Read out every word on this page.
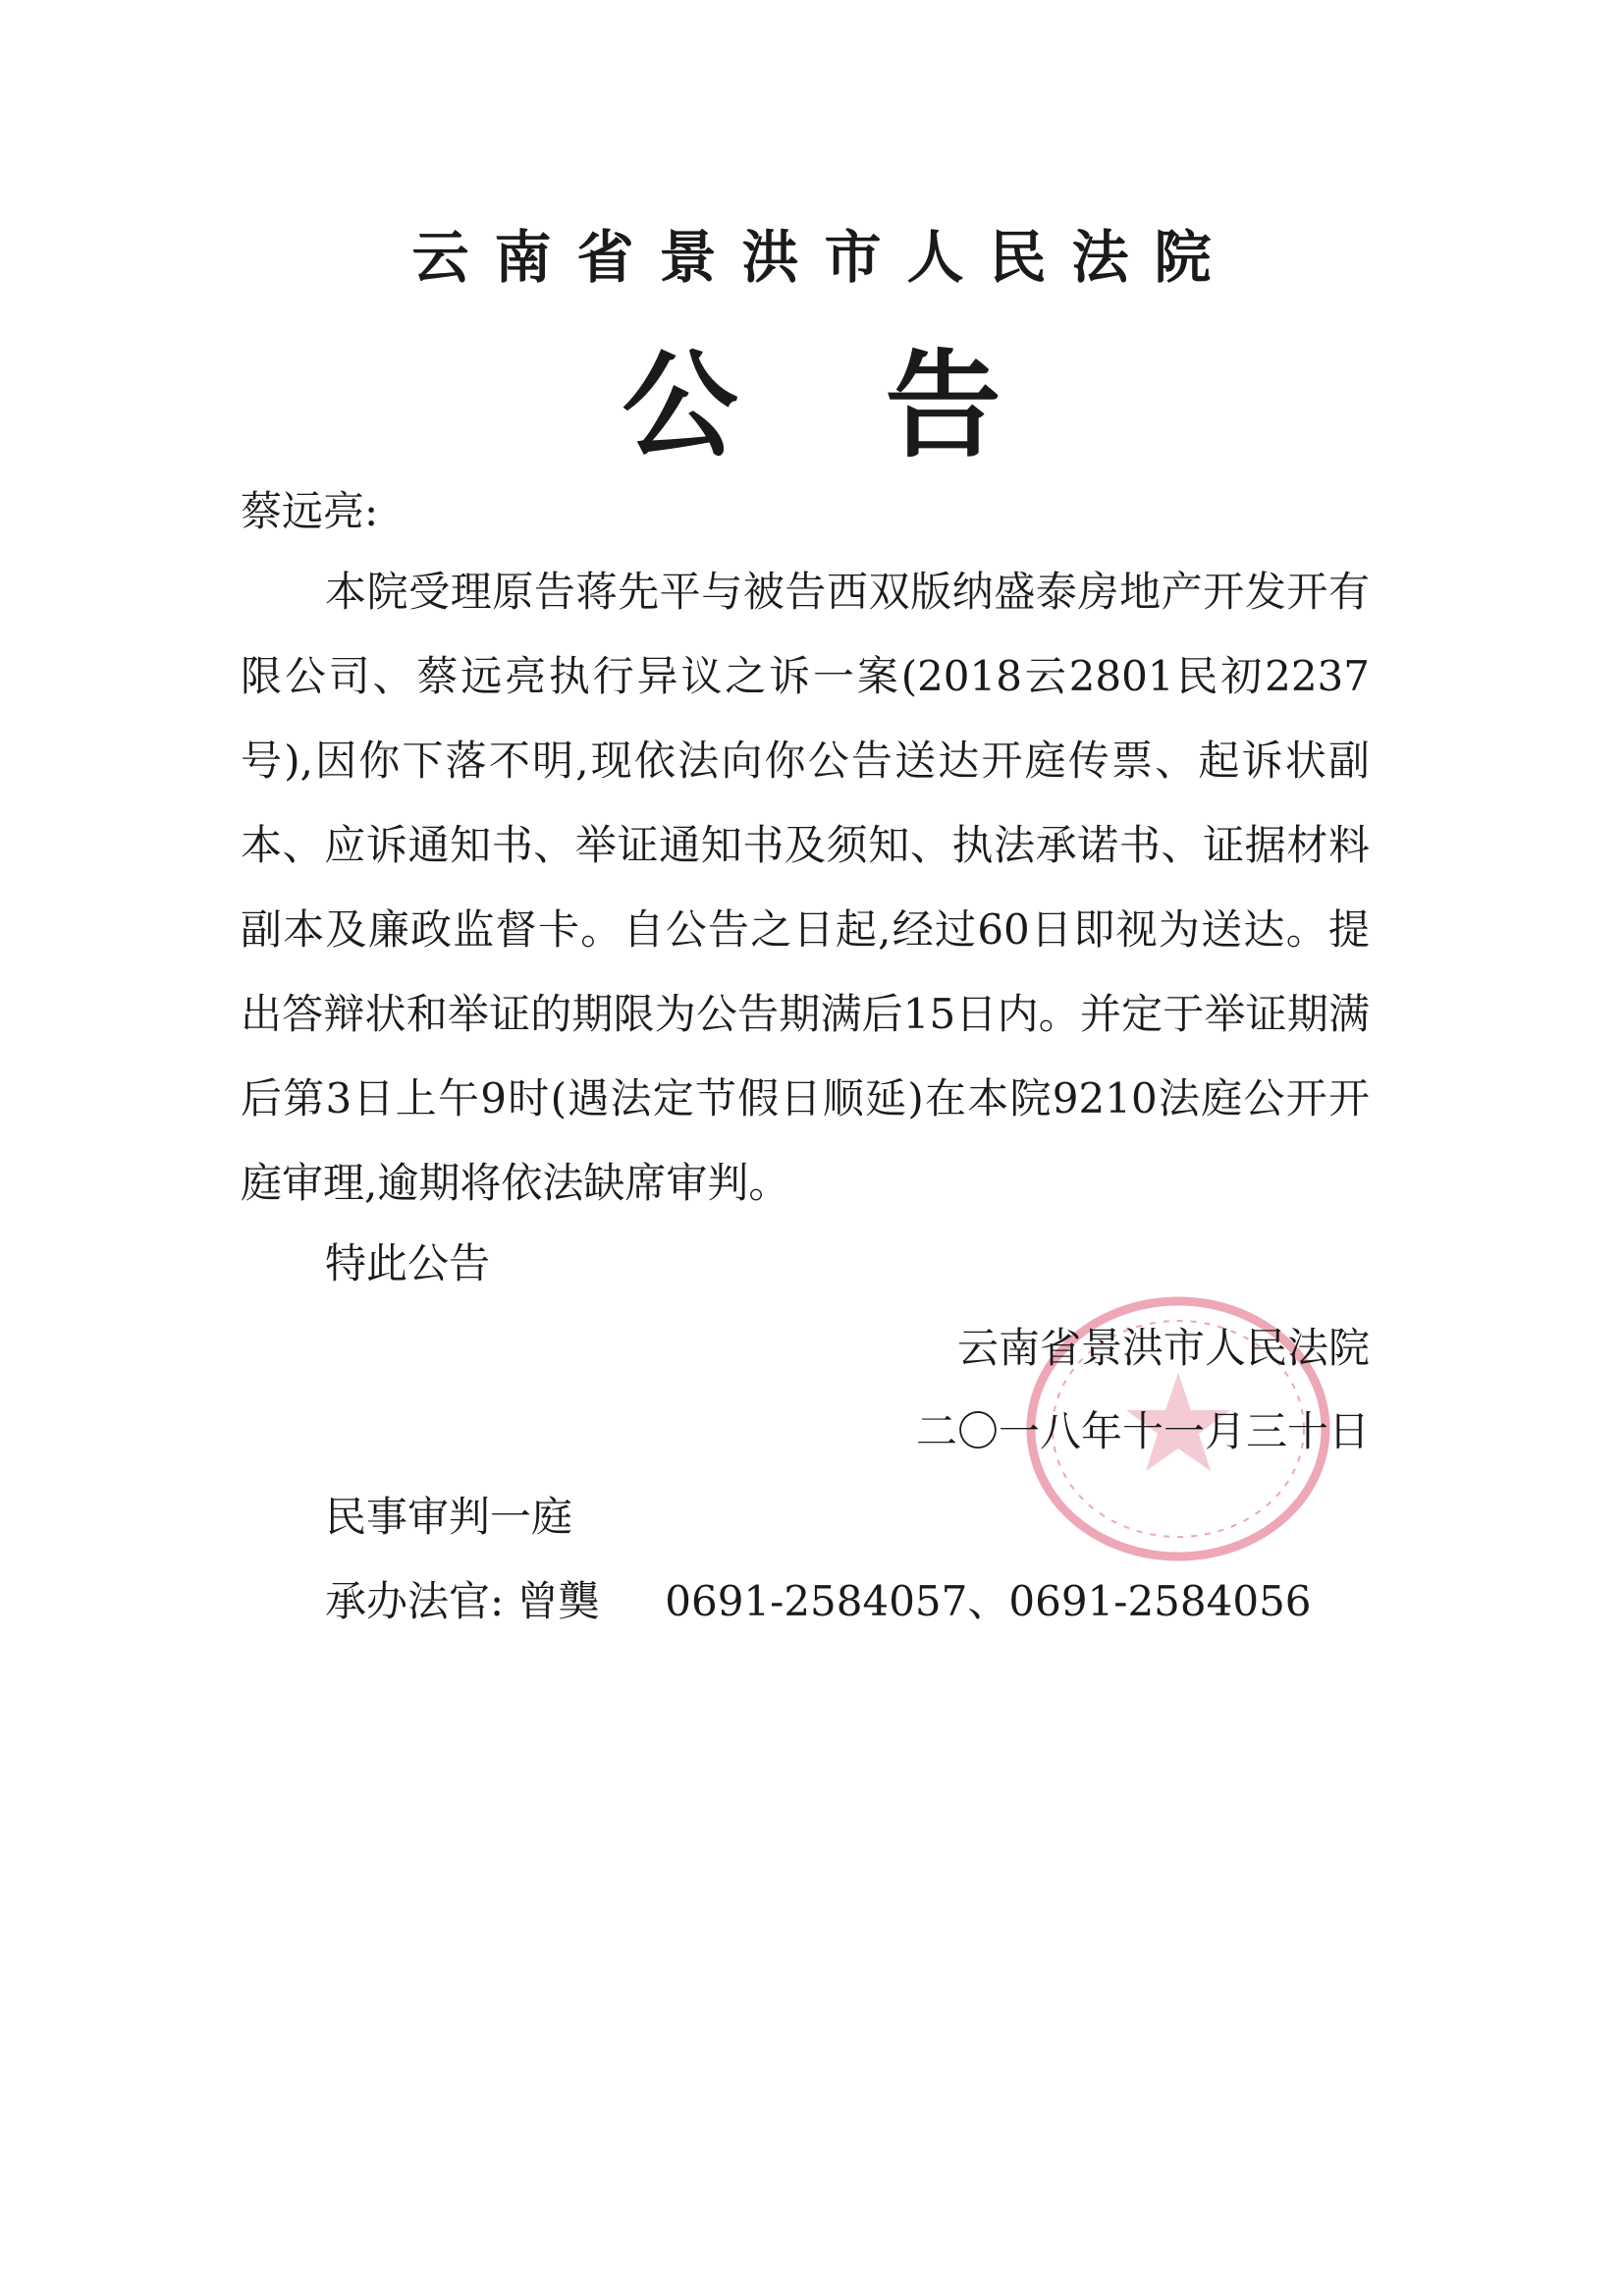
云南省景洪市人民法院
公告
蔡远亮:

本院受理原告蒋先平与被告西双版纳盛泰房地产开发开有限公司、蔡远亮执行异议之诉一案(2018云2801民初2237号),因你下落不明,现依法向你公告送达开庭传票、起诉状副本、应诉通知书、举证通知书及须知、执法承诺书、证据材料副本及廉政监督卡。自公告之日起,经过60日即视为送达。提出答辩状和举证的期限为公告期满后15日内。并定于举证期满后第3日上午9时(遇法定节假日顺延)在本院9210法庭公开开庭审理,逾期将依法缺席审判。

特此公告
云南省景洪市人民法院
二〇一八年十一月三十日
民事审判一庭
承办法官: 曾龑 0691-2584057、0691-2584056
